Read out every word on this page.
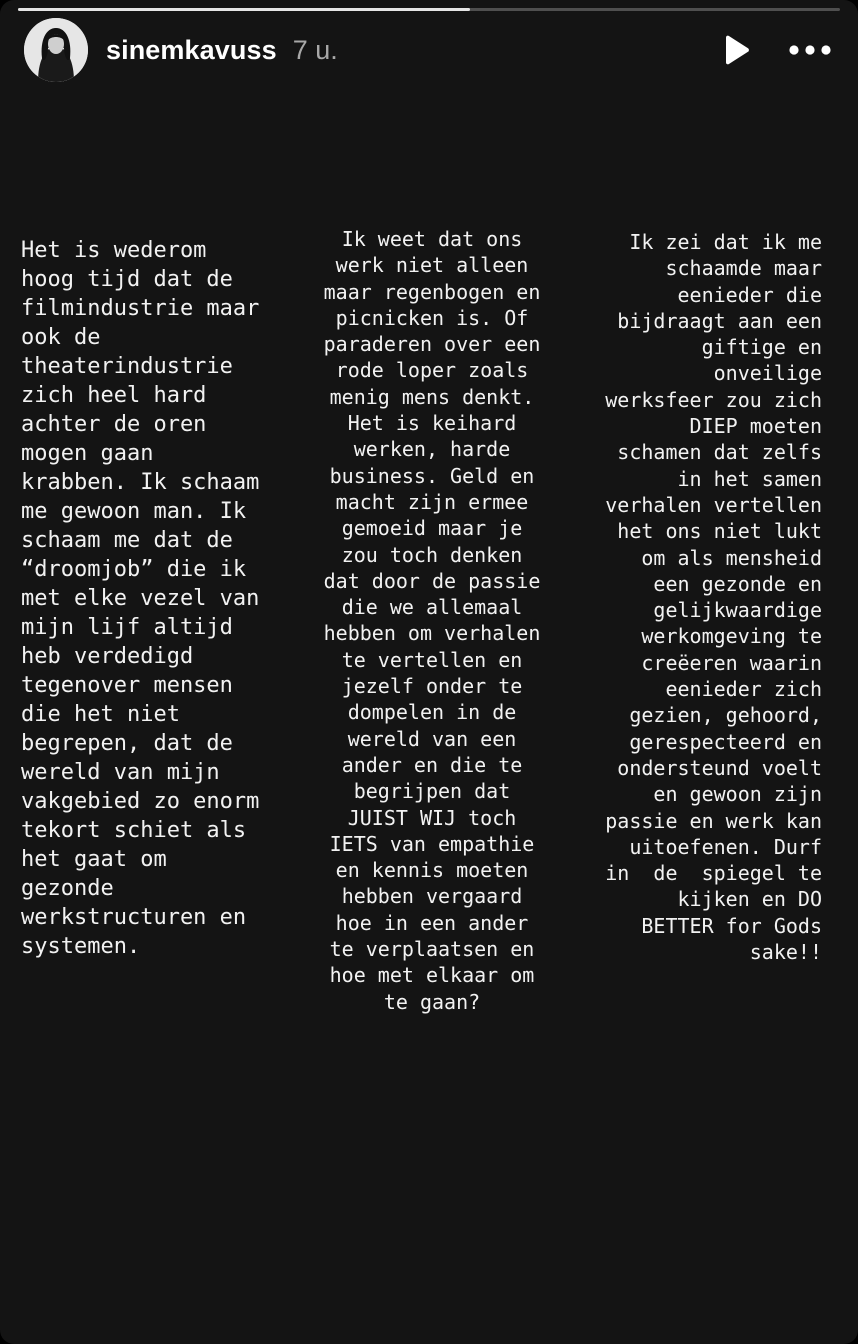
sinemkavuss 7 u.

Het is wederom
hoog tijd dat de
filmindustrie maar
ook de
theaterindustrie
zich heel hard
achter de oren
mogen gaan
krabben. Ik schaam
me gewoon man. Ik
schaam me dat de
“droomjob” die ik
met elke vezel van
mijn lijf altijd
heb verdedigd
tegenover mensen
die het niet
begrepen, dat de
wereld van mijn
vakgebied zo enorm
tekort schiet als
het gaat om
gezonde
werkstructuren en
systemen.

Ik weet dat ons
werk niet alleen
maar regenbogen en
picnicken is. Of
paraderen over een
rode loper zoals
menig mens denkt.
Het is keihard
werken, harde
business. Geld en
macht zijn ermee
gemoeid maar je
zou toch denken
dat door de passie
die we allemaal
hebben om verhalen
te vertellen en
jezelf onder te
dompelen in de
wereld van een
ander en die te
begrijpen dat
JUIST WIJ toch
IETS van empathie
en kennis moeten
hebben vergaard
hoe in een ander
te verplaatsen en
hoe met elkaar om
te gaan?

Ik zei dat ik me
schaamde maar
eenieder die
bijdraagt aan een
giftige en
onveilige
werksfeer zou zich
DIEP moeten
schamen dat zelfs
in het samen
verhalen vertellen
het ons niet lukt
om als mensheid
een gezonde en
gelijkwaardige
werkomgeving te
creëeren waarin
eenieder zich
gezien, gehoord,
gerespecteerd en
ondersteund voelt
en gewoon zijn
passie en werk kan
uitoefenen. Durf
in  de  spiegel te
kijken en DO
BETTER for Gods
sake!!
